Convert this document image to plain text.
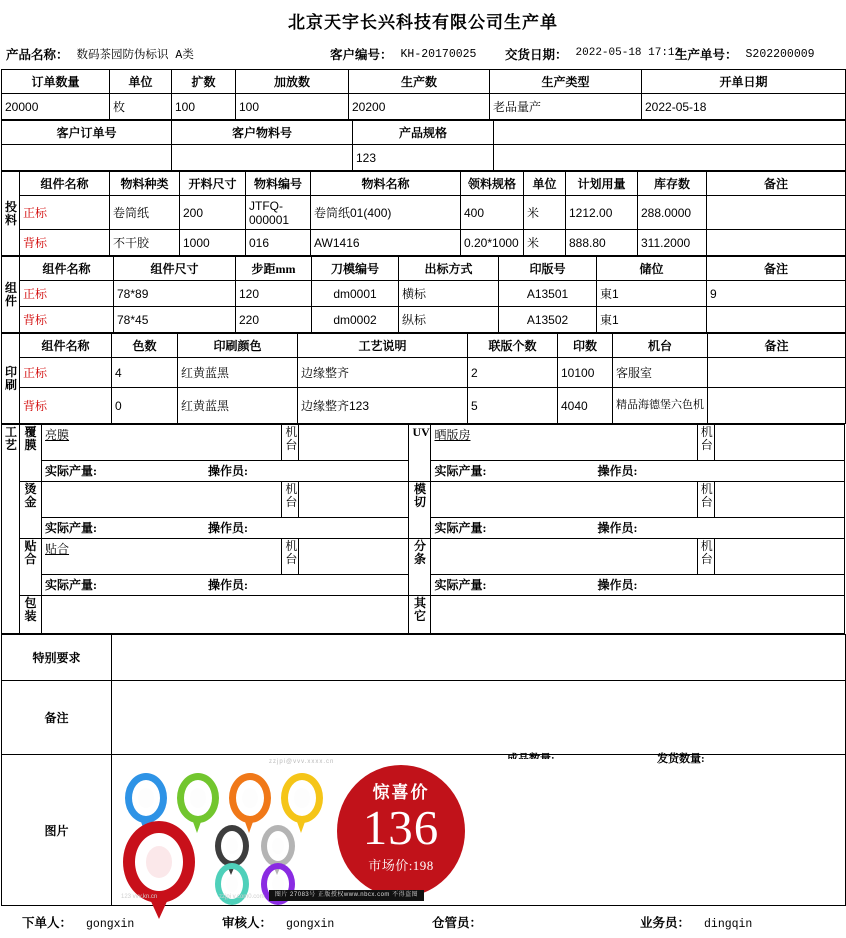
北京天宇长兴科技有限公司生产单
产品名称： 数码茶园防伪标识 A类	客户编号： KH-20170025 交货日期： 2022-05-18 17:12
生产单号： S202200009
订单数量	单位	扩数	加放数	生产数	生产类型	开单日期
20000	枚	100	100	20200	老品量产	2022-05-18
客户订单号	客户物料号	产品规格	
		123	
投料	组件名称	物料种类	开料尺寸	物料编号	物料名称	领料规格	单位	计划用量	库存数	备注
	正标	卷筒纸	200	JTFQ-000001	卷筒纸01(400)	400	米	1212.00	288.0000	
	背标	不干胶	1000	016	AW1416	0.20*1000	米	888.80	311.2000	
组件	组件名称	组件尺寸	步距mm	刀模编号	出标方式	印版号	储位	备注
	正标	78*89	120	dm0001	横标	A13501	東1	9
	背标	78*45	220	dm0002	纵标	A13502	東1	
印刷	组件名称	色数	印刷颜色	工艺说明	联版个数	印数	机台	备注
	正标	4	红黄蓝黑	边缘整齐	2	10100	客服室	
	背标	0	红黄蓝黑	边缘整齐123	5	4040	精品海德堡六色机	
工艺	覆膜	亮膜	机台		UV	晒版房	机台	

		实际产量: 操作员:				实际产量: 操作员:		

	烫金		机台		模切		机台	

		实际产量: 操作员:				实际产量: 操作员:		

	贴合	贴合	机台		分条		机台	

		实际产量: 操作员:				实际产量: 操作员:		

	包装				其它			

特别要求	
备注	发货数量:

图片	
zzjpi@vvv.xxxx.cn
惊喜价
136
市场价:198
123 vvv.kn.cn	zzjpi v.com0.com	图片 27083号 正版授权www.nbcx.com 不得盗图
下单人： gongxin	审核人： gongxin	仓管员：	业务员： dingqin
